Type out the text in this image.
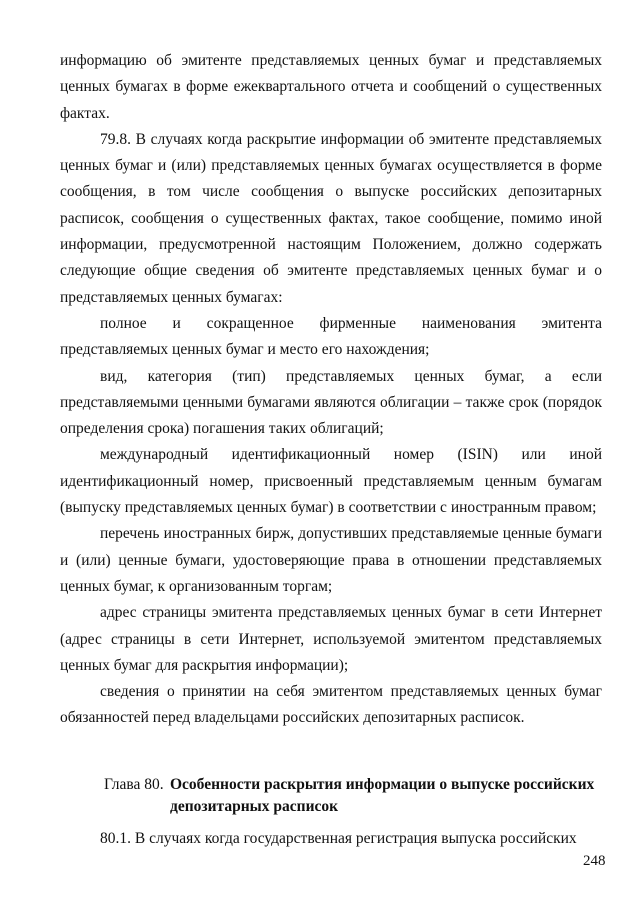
информацию об эмитенте представляемых ценных бумаг и представляемых ценных бумагах в форме ежеквартального отчета и сообщений о существенных фактах.

79.8. В случаях когда раскрытие информации об эмитенте представляемых ценных бумаг и (или) представляемых ценных бумагах осуществляется в форме сообщения, в том числе сообщения о выпуске российских депозитарных расписок, сообщения о существенных фактах, такое сообщение, помимо иной информации, предусмотренной настоящим Положением, должно содержать следующие общие сведения об эмитенте представляемых ценных бумаг и о представляемых ценных бумагах:

полное и сокращенное фирменные наименования эмитента представляемых ценных бумаг и место его нахождения;

вид, категория (тип) представляемых ценных бумаг, а если представляемыми ценными бумагами являются облигации – также срок (порядок определения срока) погашения таких облигаций;

международный идентификационный номер (ISIN) или иной идентификационный номер, присвоенный представляемым ценным бумагам (выпуску представляемых ценных бумаг) в соответствии с иностранным правом;

перечень иностранных бирж, допустивших представляемые ценные бумаги и (или) ценные бумаги, удостоверяющие права в отношении представляемых ценных бумаг, к организованным торгам;

адрес страницы эмитента представляемых ценных бумаг в сети Интернет (адрес страницы в сети Интернет, используемой эмитентом представляемых ценных бумаг для раскрытия информации);

сведения о принятии на себя эмитентом представляемых ценных бумаг обязанностей перед владельцами российских депозитарных расписок.

Глава 80. Особенности раскрытия информации о выпуске российских депозитарных расписок

80.1. В случаях когда государственная регистрация выпуска российских

248
